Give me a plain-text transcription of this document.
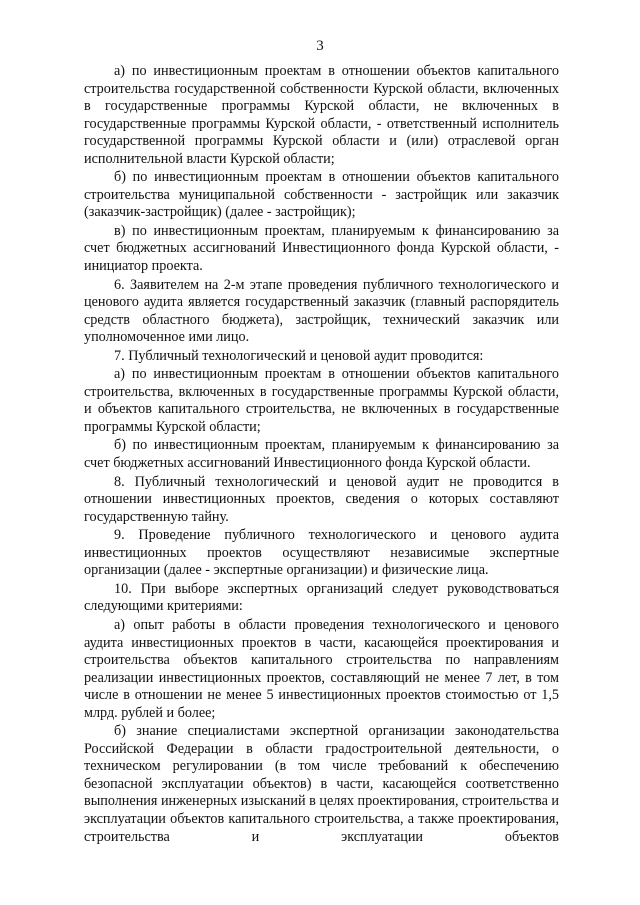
3

а) по инвестиционным проектам в отношении объектов капитального строительства государственной собственности Курской области, включенных в государственные программы Курской области, не включенных в государственные программы Курской области, - ответственный исполнитель государственной программы Курской области и (или) отраслевой орган исполнительной власти Курской области;

б) по инвестиционным проектам в отношении объектов капитального строительства муниципальной собственности - застройщик или заказчик (заказчик-застройщик) (далее - застройщик);

в) по инвестиционным проектам, планируемым к финансированию за счет бюджетных ассигнований Инвестиционного фонда Курской области, - инициатор проекта.

6. Заявителем на 2-м этапе проведения публичного технологического и ценового аудита является государственный заказчик (главный распорядитель средств областного бюджета), застройщик, технический заказчик или уполномоченное ими лицо.

7. Публичный технологический и ценовой аудит проводится:

а) по инвестиционным проектам в отношении объектов капитального строительства, включенных в государственные программы Курской области, и объектов капитального строительства, не включенных в государственные программы Курской области;

б) по инвестиционным проектам, планируемым к финансированию за счет бюджетных ассигнований Инвестиционного фонда Курской области.

8. Публичный технологический и ценовой аудит не проводится в отношении инвестиционных проектов, сведения о которых составляют государственную тайну.

9. Проведение публичного технологического и ценового аудита инвестиционных проектов осуществляют независимые экспертные организации (далее - экспертные организации) и физические лица.

10. При выборе экспертных организаций следует руководствоваться следующими критериями:

а) опыт работы в области проведения технологического и ценового аудита инвестиционных проектов в части, касающейся проектирования и строительства объектов капитального строительства по направлениям реализации инвестиционных проектов, составляющий не менее 7 лет, в том числе в отношении не менее 5 инвестиционных проектов стоимостью от 1,5 млрд. рублей и более;

б) знание специалистами экспертной организации законодательства Российской Федерации в области градостроительной деятельности, о техническом регулировании (в том числе требований к обеспечению безопасной эксплуатации объектов) в части, касающейся соответственно выполнения инженерных изысканий в целях проектирования, строительства и эксплуатации объектов капитального строительства, а также проектирования, строительства и эксплуатации объектов
